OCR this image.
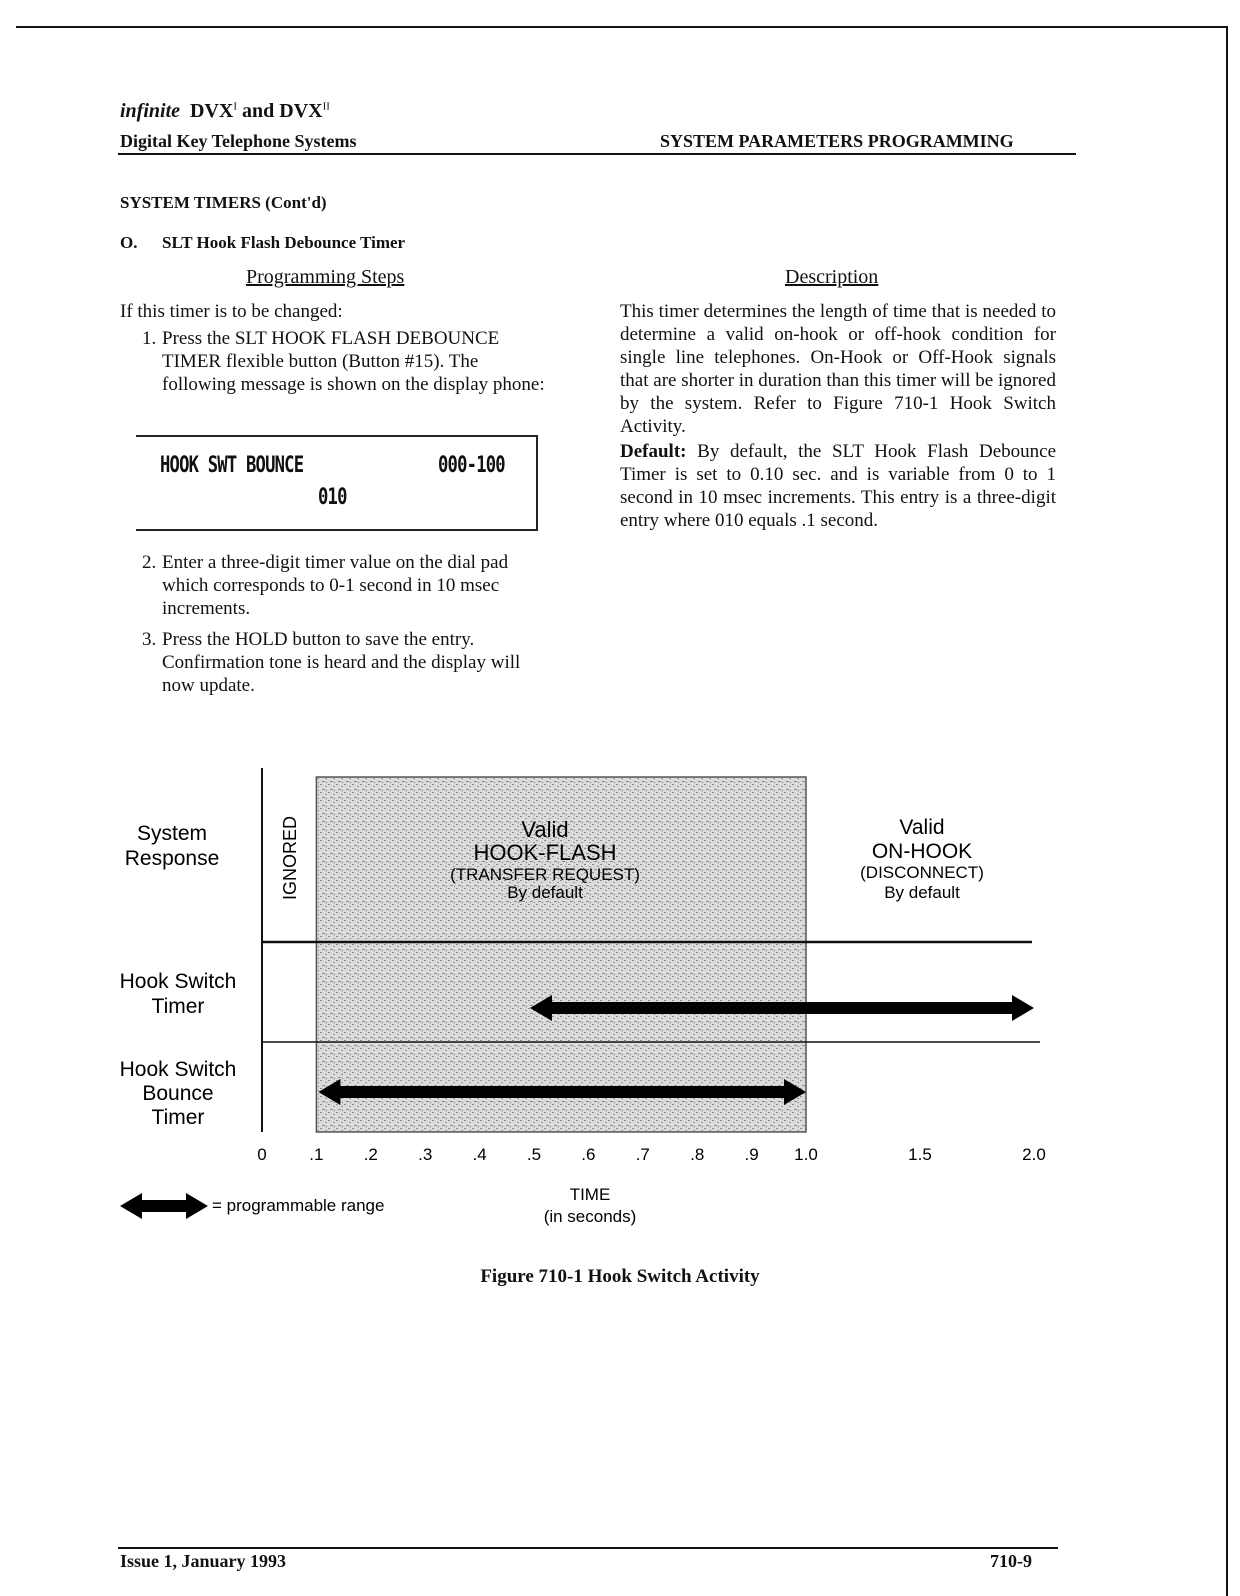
infinite $DVX^I$ and $DVX^{II}$
Digital Key Telephone Systems	SYSTEM PARAMETERS PROGRAMMING
SYSTEM TIMERS (Cont'd)
O. SLT Hook Flash Debounce Timer
Programming Steps
If this timer is to be changed:
1. Press the SLT HOOK FLASH DEBOUNCE TIMER flexible button (Button #15). The following message is shown on the display phone:
HOOK SWT BOUNCE	000-100
010
2. Enter a three-digit timer value on the dial pad which corresponds to 0-1 second in 10 msec increments.
3. Press the HOLD button to save the entry. Confirmation tone is heard and the display will now update.
Description
This timer determines the length of time that is needed to determine a valid on-hook or off-hook condition for single line telephones. On-Hook or Off-Hook signals that are shorter in duration than this timer will be ignored by the system. Refer to Figure 710-1 Hook Switch Activity.
Default: By default, the SLT Hook Flash Debounce Timer is set to 0.10 sec. and is variable from 0 to 1 second in 10 msec increments. This entry is a three-digit entry where 010 equals .1 second.
System
Response
Hook Switch
Timer
Hook Switch
Bounce
Timer
IGNORED	Valid
HOOK-FLASH
(TRANSFER REQUEST)
By default
Valid
ON-HOOK
(DISCONNECT)
By default
= programmable range
TIME
(in seconds)
0	.1 .2 .3 .4 .5 .6 .7 .8 .9 1.0	1.5	2.0
Figure 710-1 Hook Switch Activity
Issue 1, January 1993	710-9
